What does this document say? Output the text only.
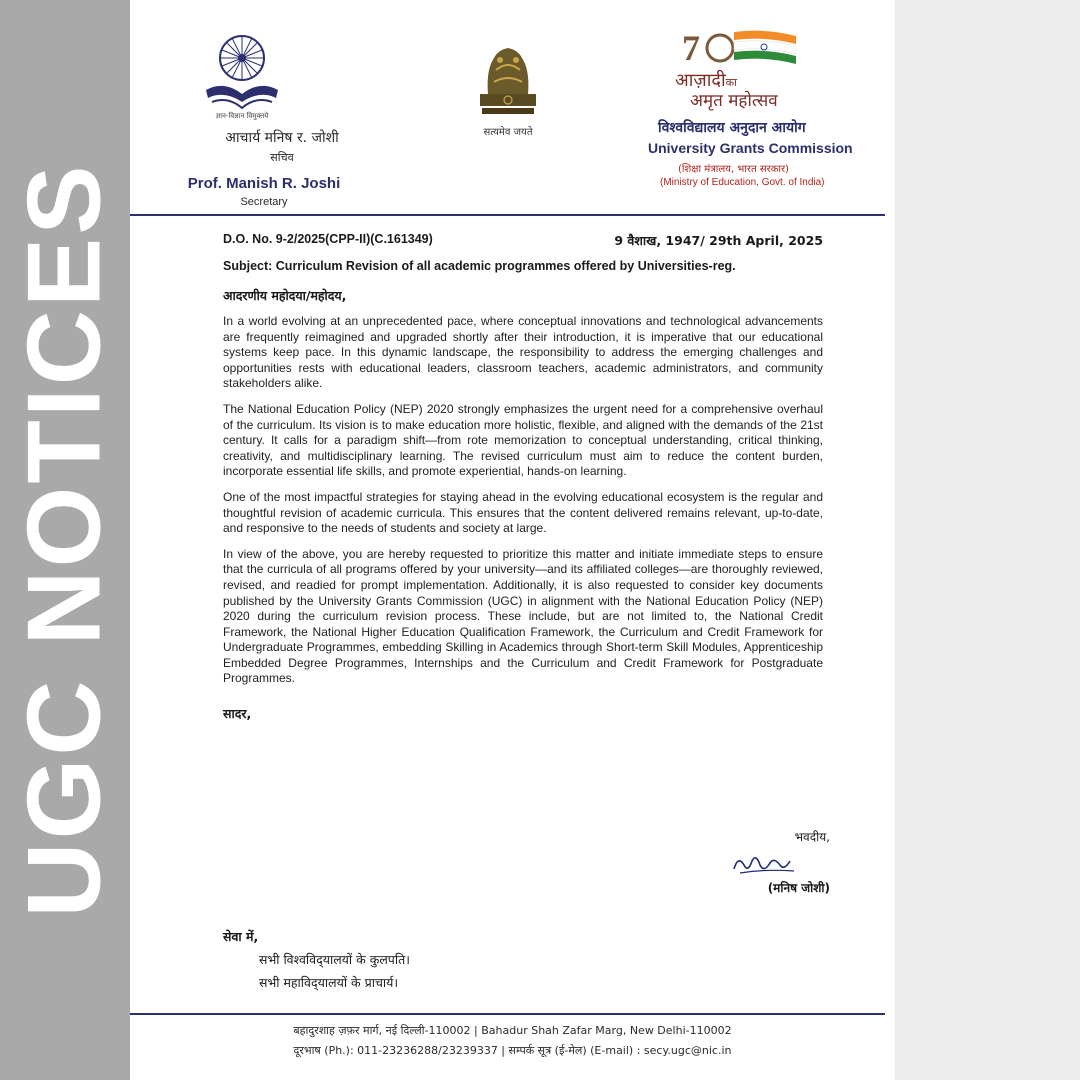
UGC NOTICES
ज्ञान-विज्ञान विमुक्तये
आचार्य मनिष र. जोशी
सचिव
Prof. Manish R. Joshi
Secretary
सत्यमेव जयते
7
आज़ादीका
अमृत महोत्सव
विश्वविद्यालय अनुदान आयोग
University Grants Commission
(शिक्षा मंत्रालय, भारत सरकार)
(Ministry of Education, Govt. of India)
D.O. No. 9-2/2025(CPP-II)(C.161349)	9 वैशाख, 1947/ 29th April, 2025
Subject: Curriculum Revision of all academic programmes offered by Universities-reg.
आदरणीय महोदया/महोदय,
In a world evolving at an unprecedented pace, where conceptual innovations and technological advancements are frequently reimagined and upgraded shortly after their introduction, it is imperative that our educational systems keep pace. In this dynamic landscape, the responsibility to address the emerging challenges and opportunities rests with educational leaders, classroom teachers, academic administrators, and community stakeholders alike.
The National Education Policy (NEP) 2020 strongly emphasizes the urgent need for a comprehensive overhaul of the curriculum. Its vision is to make education more holistic, flexible, and aligned with the demands of the 21st century. It calls for a paradigm shift—from rote memorization to conceptual understanding, critical thinking, creativity, and multidisciplinary learning. The revised curriculum must aim to reduce the content burden, incorporate essential life skills, and promote experiential, hands-on learning.
One of the most impactful strategies for staying ahead in the evolving educational ecosystem is the regular and thoughtful revision of academic curricula. This ensures that the content delivered remains relevant, up-to-date, and responsive to the needs of students and society at large.
In view of the above, you are hereby requested to prioritize this matter and initiate immediate steps to ensure that the curricula of all programs offered by your university—and its affiliated colleges—are thoroughly reviewed, revised, and readied for prompt implementation. Additionally, it is also requested to consider key documents published by the University Grants Commission (UGC) in alignment with the National Education Policy (NEP) 2020 during the curriculum revision process. These include, but are not limited to, the National Credit Framework, the National Higher Education Qualification Framework, the Curriculum and Credit Framework for Undergraduate Programmes, embedding Skilling in Academics through Short-term Skill Modules, Apprenticeship Embedded Degree Programmes, Internships and the Curriculum and Credit Framework for Postgraduate Programmes.
सादर,
भवदीय,
(मनिष जोशी)
सेवा में,
सभी विश्वविद्‌यालयों के कुलपति।
सभी महाविद्‌यालयों के प्राचार्य।
बहादुरशाह ज़फ़र मार्ग, नई दिल्ली-110002 | Bahadur Shah Zafar Marg, New Delhi-110002
दूरभाष (Ph.): 011-23236288/23239337 | सम्पर्क सूत्र (ई-मेल) (E-mail) : secy.ugc@nic.in
